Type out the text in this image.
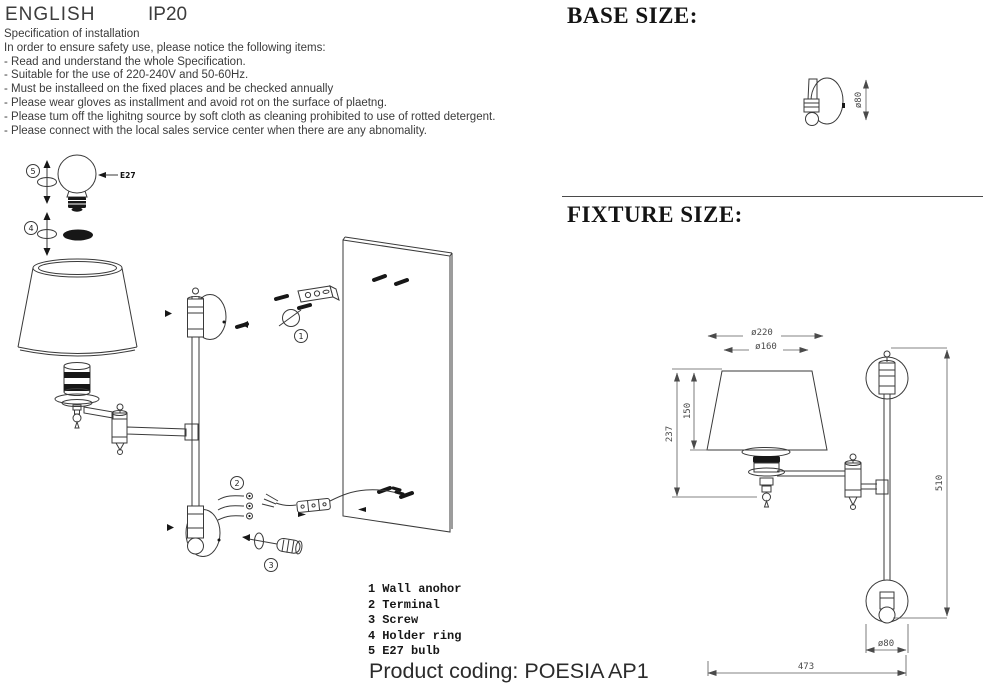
ENGLISH	IP20
Specification of installation
In order to ensure safety use, please notice the following items:
- Read and understand the whole Specification.
- Suitable for the use of 220-240V and 50-60Hz.
- Must be installeed on the fixed places and be checked annually
- Please wear gloves as installment and avoid rot on the surface of plaetng.
- Please tum off the lighitng source by soft cloth as cleaning prohibited to use of rotted detergent.
- Please connect with the local sales service center when there are any abnomality.
BASE SIZE:
FIXTURE SIZE:
5	E27
4
1
2
3
ø80
ø220
ø160
150
237
510
ø80
473
1 Wall anohor
2 Terminal
3 Screw
4 Holder ring
5 E27 bulb
Product coding: POESIA AP1
